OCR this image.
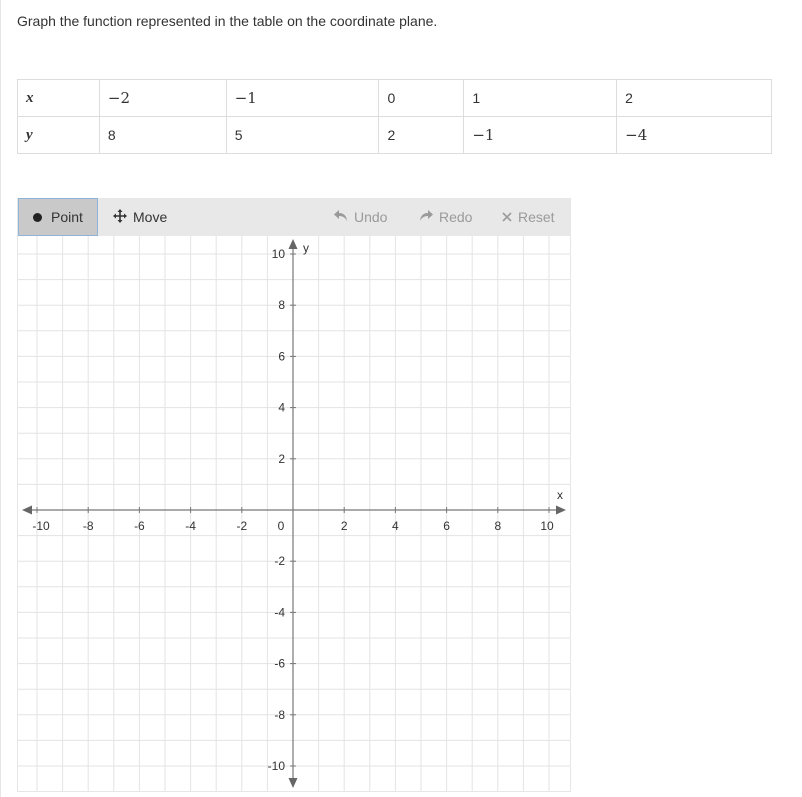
Graph the function represented in the table on the coordinate plane.
x	−2	−1	0	1	2
y	8	5	2	−1	−4
Point	Move	Undo	Redo	Reset
-10	-8	-6	-4	-2	0	2	4	6	8	10
10
8
6
4
2
-2
-4
-6
-8
-10
x
y
